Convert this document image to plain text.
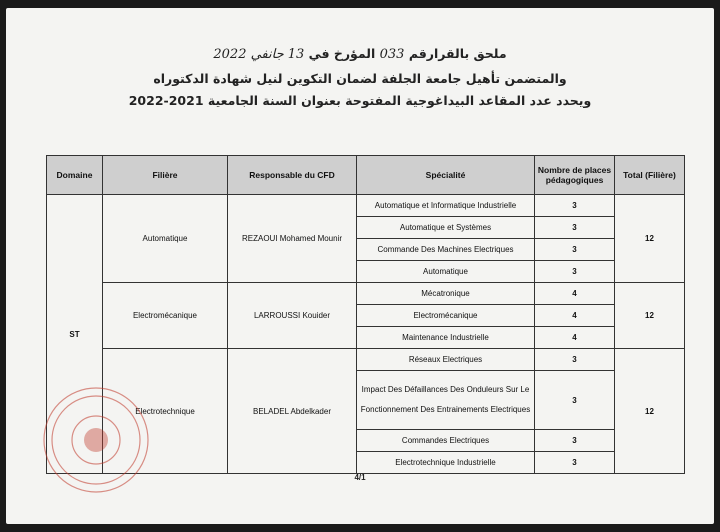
ملحق بالقرارقم 033 المؤرخ في 13 جانفي 2022
والمتضمن تأهيل جامعة الجلفة لضمان التكوين لنيل شهادة الدكتوراه
ويحدد عدد المقاعد البيداغوجية المفتوحة بعنوان السنة الجامعية 2021-2022
Domaine	Filière	Responsable du CFD	Spécialité	Nombre de places pédagogiques	Total (Filière)
ST	Automatique	REZAOUI Mohamed Mounir	Automatique et Informatique Industrielle	3	12
			Automatique et Systèmes	3	
			Commande Des Machines Electriques	3	
			Automatique	3	
	Electromécanique	LARROUSSI Kouider	Mécatronique	4	12
			Electromécanique	4	
			Maintenance Industrielle	4	
	Electrotechnique	BELADEL Abdelkader	Réseaux Electriques	3	12
			Impact Des Défaillances Des Onduleurs Sur Le Fonctionnement Des Entrainements Electriques	3	
			Commandes Electriques	3	
			Electrotechnique Industrielle	3	
4/1
